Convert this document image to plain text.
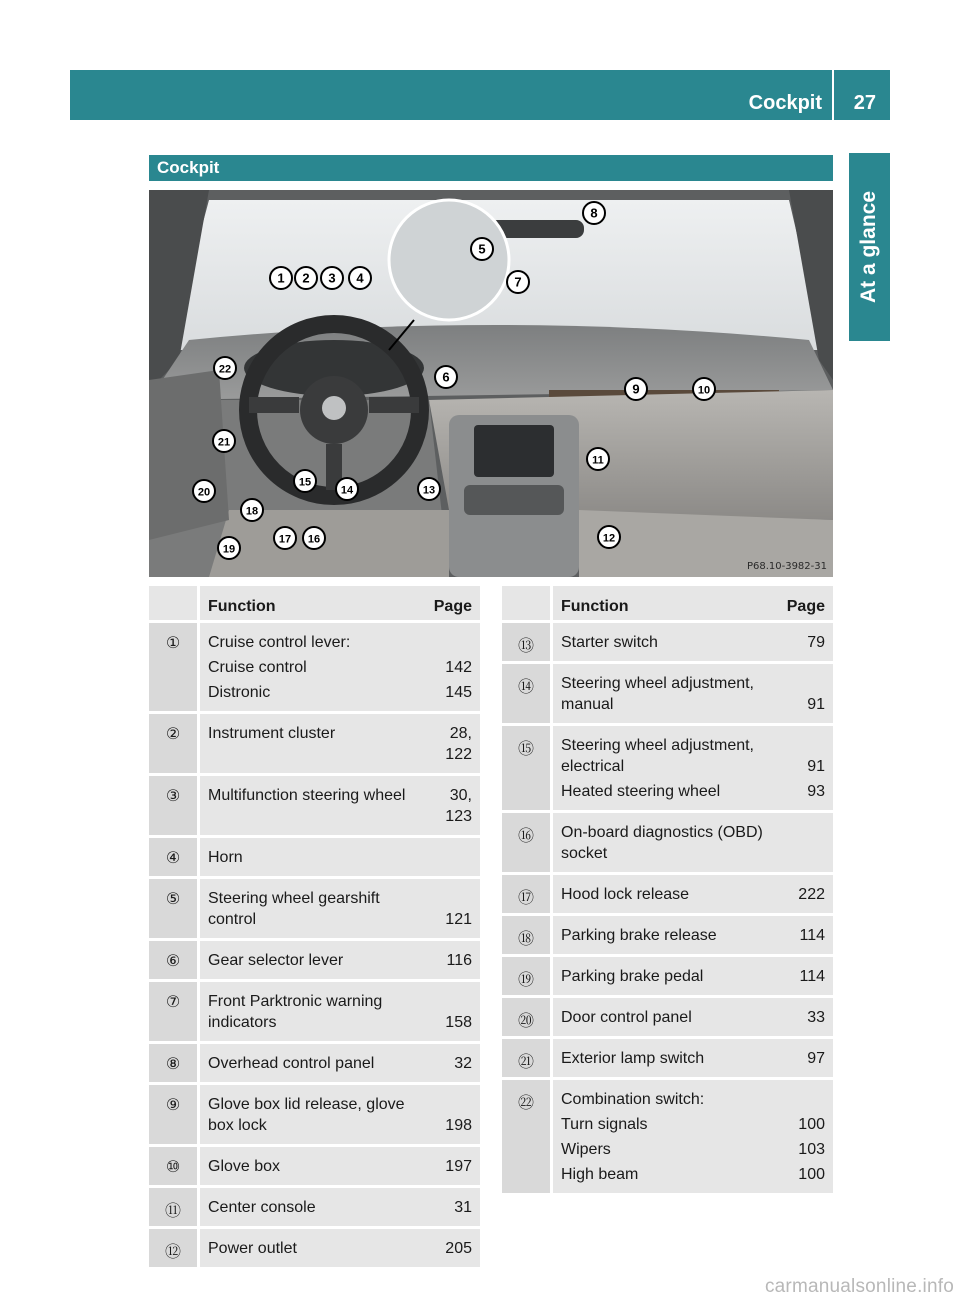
Cockpit 27
At a glance
Cockpit
1 2 3 4
5
6
7
8
9	10
11
12
13
14
15
16
17
18
19
20
21
22
P68.10-3982-31
Function	Page
①	Cruise control lever:
Cruise control	142
Distronic	145
②	Instrument cluster	28,
122
③	Multifunction steering wheel	30,
123
④	Horn
⑤	Steering wheel gearshift control	121
⑥	Gear selector lever	116
⑦	Front Parktronic warning indicators	158
⑧	Overhead control panel	32
⑨	Glove box lid release, glove box lock	198
⑩	Glove box	197
⑪	Center console	31
⑫	Power outlet	205
Function	Page
⑬	Starter switch	79
⑭	Steering wheel adjustment, manual	91
⑮	Steering wheel adjustment, electrical	91
Heated steering wheel	93
⑯	On-board diagnostics (OBD) socket
⑰	Hood lock release	222
⑱	Parking brake release	114
⑲	Parking brake pedal	114
⑳	Door control panel	33
㉑	Exterior lamp switch	97
㉒	Combination switch:
Turn signals	100
Wipers	103
High beam	100
carmanualsonline.info
